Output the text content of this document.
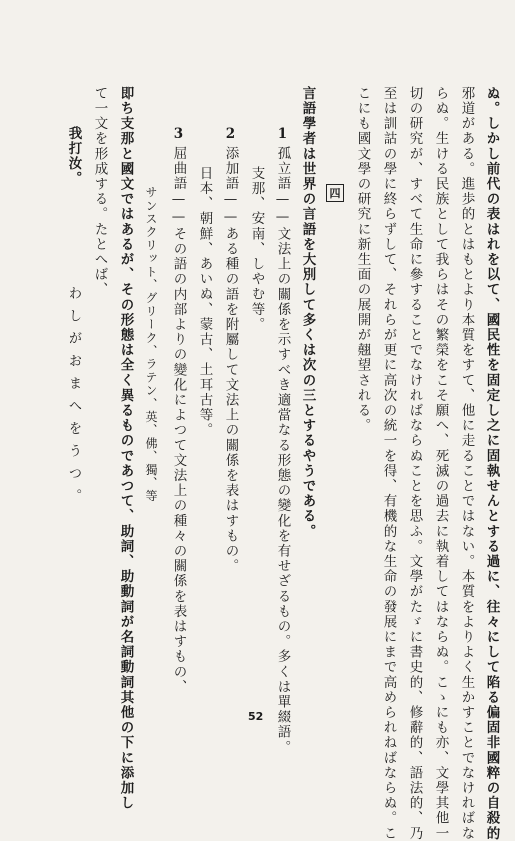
ぬ。しかし前代の表はれを以て、國民性を固定し之に固執せんとする過に、往々にして陷る偏固非國粹の自殺的
邪道がある。進歩的とはもとより本質をすて、他に走ることではない。本質をよりよく生かすことでなければな
らぬ。生ける民族として我らはその繁榮をこそ願へ、死滅の過去に執着してはならぬ。こゝにも亦、文學其他一
切の研究が、すべて生命に參することでなければならぬことを思ふ。文學がたゞに書史的、修辭的、語法的、乃
至は訓詁の學に終らずして、それらが更に高次の統一を得、有機的な生命の發展にまで高められねばならぬ。こ
こにも國文學の研究に新生面の展開が翹望される。
四
言語學者は世界の言語を大別して多くは次の三とするやうである。
1
孤立語——文法上の關係を示すべき適當なる形態の變化を有せざるもの。多くは單綴語。
支那、安南、しやむ等。
2
添加語——ある種の語を附屬して文法上の關係を表はすもの。
日本、朝鮮、あいぬ、蒙古、土耳古等。
3
屈曲語——その語の内部よりの變化によつて文法上の種々の關係を表はすもの、
サンスクリット、グリーク、ラテン、英、佛、獨、等
即ち支那と國文ではあるが、その形態は全く異るものであつて、助詞、助動詞が名詞動詞其他の下に添加し
て一文を形成する。たとへば、
我打汝。
わしがおまへをうつ。
52
